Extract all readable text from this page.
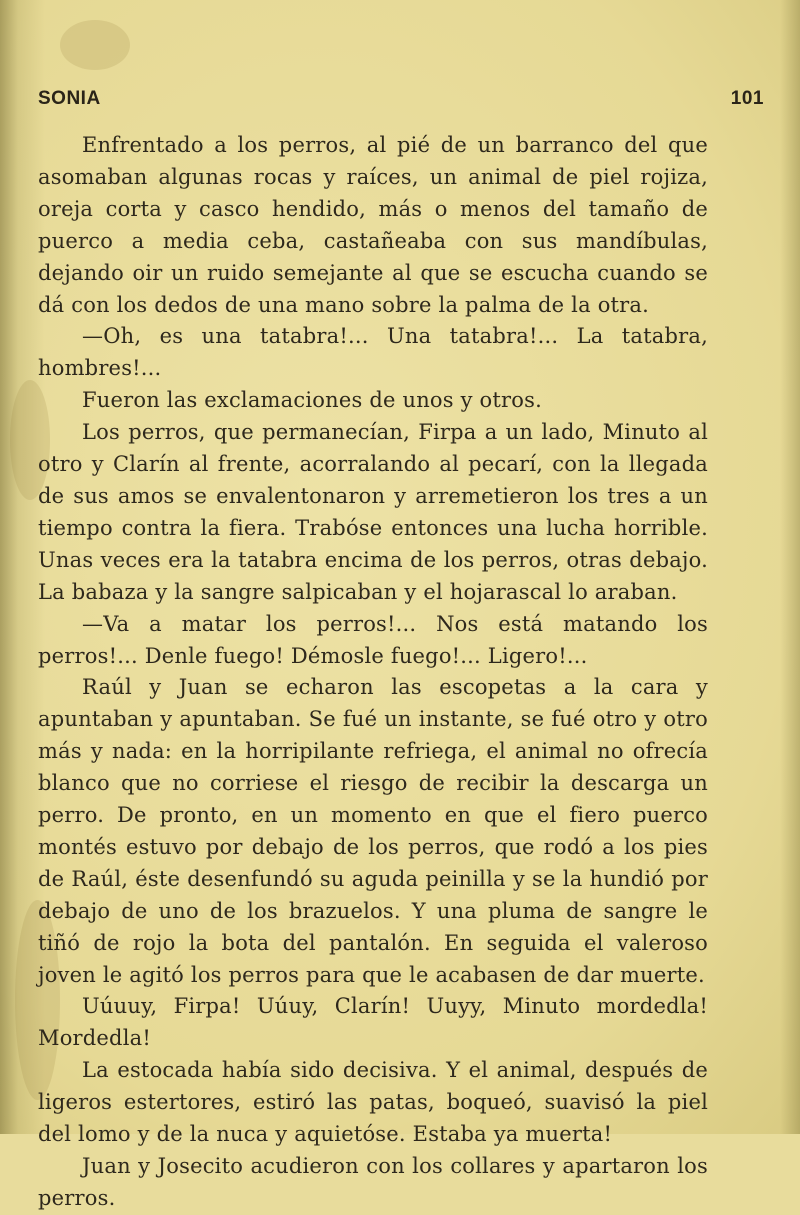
SONIA	101

Enfrentado a los perros, al pié de un barranco del que asomaban algunas rocas y raíces, un animal de piel rojiza, oreja corta y casco hendido, más o menos del tamaño de puerco a media ceba, castañeaba con sus mandíbulas, dejando oir un ruido semejante al que se escucha cuando se dá con los dedos de una mano sobre la palma de la otra.

—Oh, es una tatabra!... Una tatabra!... La tatabra, hombres!...

Fueron las exclamaciones de unos y otros.

Los perros, que permanecían, Firpa a un lado, Minuto al otro y Clarín al frente, acorralando al pecarí, con la llegada de sus amos se envalentonaron y arremetieron los tres a un tiempo contra la fiera. Trabóse entonces una lucha horrible. Unas veces era la tatabra encima de los perros, otras debajo. La babaza y la sangre salpicaban y el hojarascal lo araban.

—Va a matar los perros!... Nos está matando los perros!... Denle fuego! Démosle fuego!... Ligero!...

Raúl y Juan se echaron las escopetas a la cara y apuntaban y apuntaban. Se fué un instante, se fué otro y otro más y nada: en la horripilante refriega, el animal no ofrecía blanco que no corriese el riesgo de recibir la descarga un perro. De pronto, en un momento en que el fiero puerco montés estuvo por debajo de los perros, que rodó a los pies de Raúl, éste desenfundó su aguda peinilla y se la hundió por debajo de uno de los brazuelos. Y una pluma de sangre le tiñó de rojo la bota del pantalón. En seguida el valeroso joven le agitó los perros para que le acabasen de dar muerte.

Uúuuy, Firpa! Uúuy, Clarín! Uuyy, Minuto mordedla! Mordedla!

La estocada había sido decisiva. Y el animal, después de ligeros estertores, estiró las patas, boqueó, suavisó la piel del lomo y de la nuca y aquietóse. Estaba ya muerta!

Juan y Josecito acudieron con los collares y apartaron los perros.
